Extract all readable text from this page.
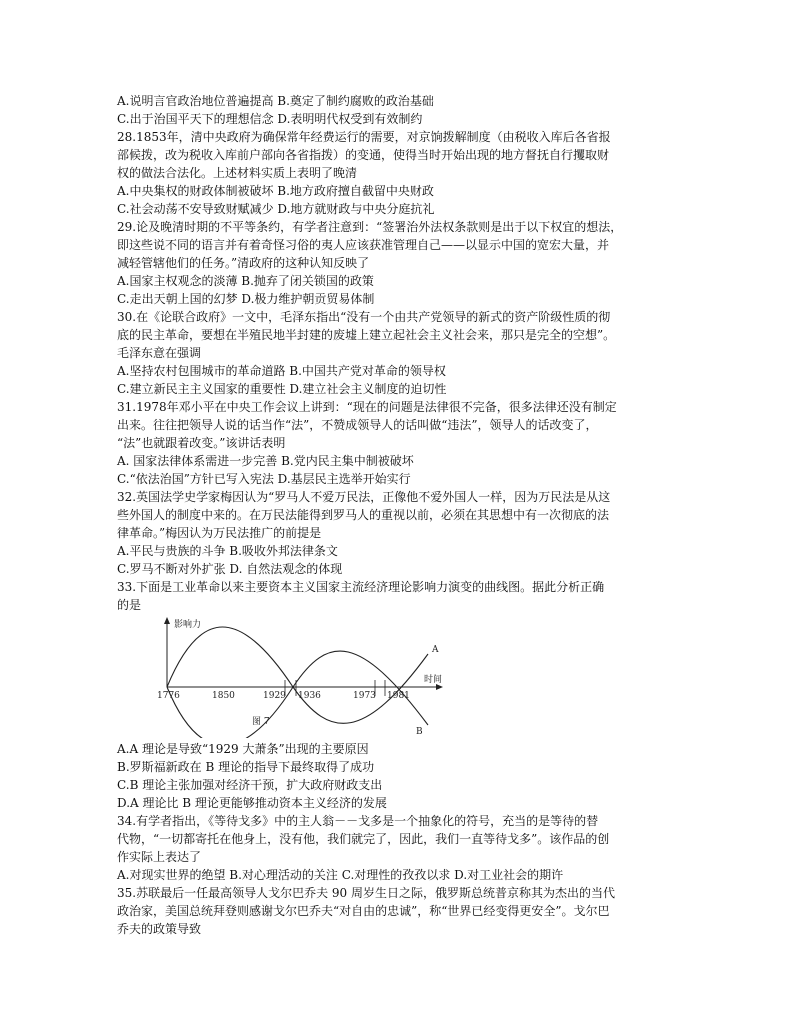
A.说明言官政治地位普遍提高 B.奠定了制约腐败的政治基础
C.出于治国平天下的理想信念 D.表明明代权受到有效制约
28.1853年，清中央政府为确保常年经费运行的需要，对京饷拨解制度（由税收入库后各省报
部候拨，改为税收入库前户部向各省指拨）的变通，使得当时开始出现的地方督抚自行攫取财
权的做法合法化。上述材料实质上表明了晚清
A.中央集权的财政体制被破坏 B.地方政府擅自截留中央财政
C.社会动荡不安导致财赋减少 D.地方就财政与中央分庭抗礼
29.论及晚清时期的不平等条约，有学者注意到：“签署治外法权条款则是出于以下权宜的想法，
即这些说不同的语言并有着奇怪习俗的夷人应该获准管理自己——以显示中国的宽宏大量，并
减轻管辖他们的任务。”清政府的这种认知反映了
A.国家主权观念的淡薄 B.抛弃了闭关锁国的政策
C.走出天朝上国的幻梦 D.极力维护朝贡贸易体制
30.在《论联合政府》一文中，毛泽东指出“没有一个由共产党领导的新式的资产阶级性质的彻
底的民主革命，要想在半殖民地半封建的废墟上建立起社会主义社会来，那只是完全的空想”。
毛泽东意在强调
A.坚持农村包围城市的革命道路 B.中国共产党对革命的领导权
C.建立新民主主义国家的重要性 D.建立社会主义制度的迫切性
31.1978年邓小平在中央工作会议上讲到：“现在的问题是法律很不完备，很多法律还没有制定
出来。往往把领导人说的话当作“法”，不赞成领导人的话叫做“违法”，领导人的话改变了，
“法”也就跟着改变。”该讲话表明
A. 国家法律体系需进一步完善 B.党内民主集中制被破坏
C.“依法治国”方针已写入宪法 D.基层民主选举开始实行
32.英国法学史学家梅因认为“罗马人不爱万民法，正像他不爱外国人一样，因为万民法是从这
些外国人的制度中来的。在万民法能得到罗马人的重视以前，必须在其思想中有一次彻底的法
律革命。”梅因认为万民法推广的前提是
A.平民与贵族的斗争 B.吸收外邦法律条文
C.罗马不断对外扩张 D. 自然法观念的体现
33.下面是工业革命以来主要资本主义国家主流经济理论影响力演变的曲线图。据此分析正确
的是
影响力
时间
A
B
1776	1850	1929 1936	1973 1981
图 7
A.A 理论是导致“1929 大萧条”出现的主要原因
B.罗斯福新政在 B 理论的指导下最终取得了成功
C.B 理论主张加强对经济干预，扩大政府财政支出
D.A 理论比 B 理论更能够推动资本主义经济的发展
34.有学者指出，《等待戈多》中的主人翁－－戈多是一个抽象化的符号，充当的是等待的替
代物，“一切都寄托在他身上，没有他，我们就完了，因此，我们一直等待戈多”。该作品的创
作实际上表达了
A.对现实世界的绝望 B.对心理活动的关注 C.对理性的孜孜以求 D.对工业社会的期许
35.苏联最后一任最高领导人戈尔巴乔夫 90 周岁生日之际，俄罗斯总统普京称其为杰出的当代
政治家，美国总统拜登则感谢戈尔巴乔夫“对自由的忠诚”，称“世界已经变得更安全”。戈尔巴
乔夫的政策导致
